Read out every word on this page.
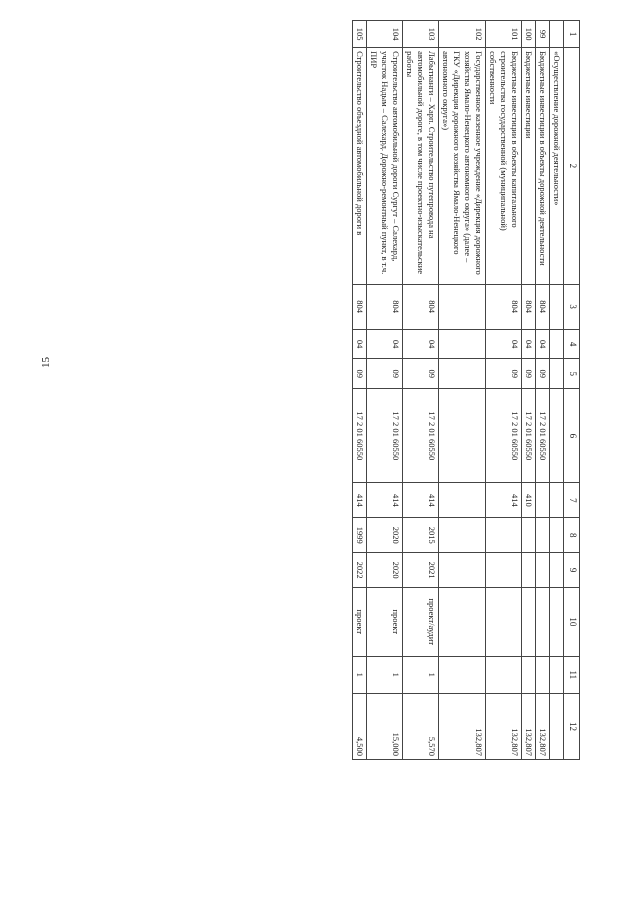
15
1	2	3	4	5	6	7	8	9	10	11	12
	«Осуществление дорожной деятельности»										
99	Бюджетные инвестиции в объекты дорожной деятельности	804	04	09	17 2 01 60550						132,807
100	Бюджетные инвестиции	804	04	09	17 2 01 60550	410					132,807
101	Бюджетные инвестиции в объекты капитального строительства государственной (муниципальной) собственности	804	04	09	17 2 01 60550	414					132,807
102	Государственное казенное учреждение «Дирекция дорожного хозяйства Ямало-Ненецкого автономного округа» (далее – ГКУ «Дирекция дорожного хозяйства Ямало-Ненецкого автономного округа»)										132,807
103	Лабытнанги – Харп. Строительство путепровода на автомобильной дороге, в том числе проектно-изыскательские работы	804	04	09	17 2 01 60550	414	2015	2021	проект/аудит	1	5,570
104	Строительство автомобильной дороги Сургут – Салехард, участок Надым – Салехард. Дорожно-ремонтный пункт, в т.ч. ПИР	804	04	09	17 2 01 60550	414	2020	2020	проект	1	15,000
105	Строительство объездной автомобильной дороги в	804	04	09	17 2 01 60550	414	1999	2022	проект	1	4,500
